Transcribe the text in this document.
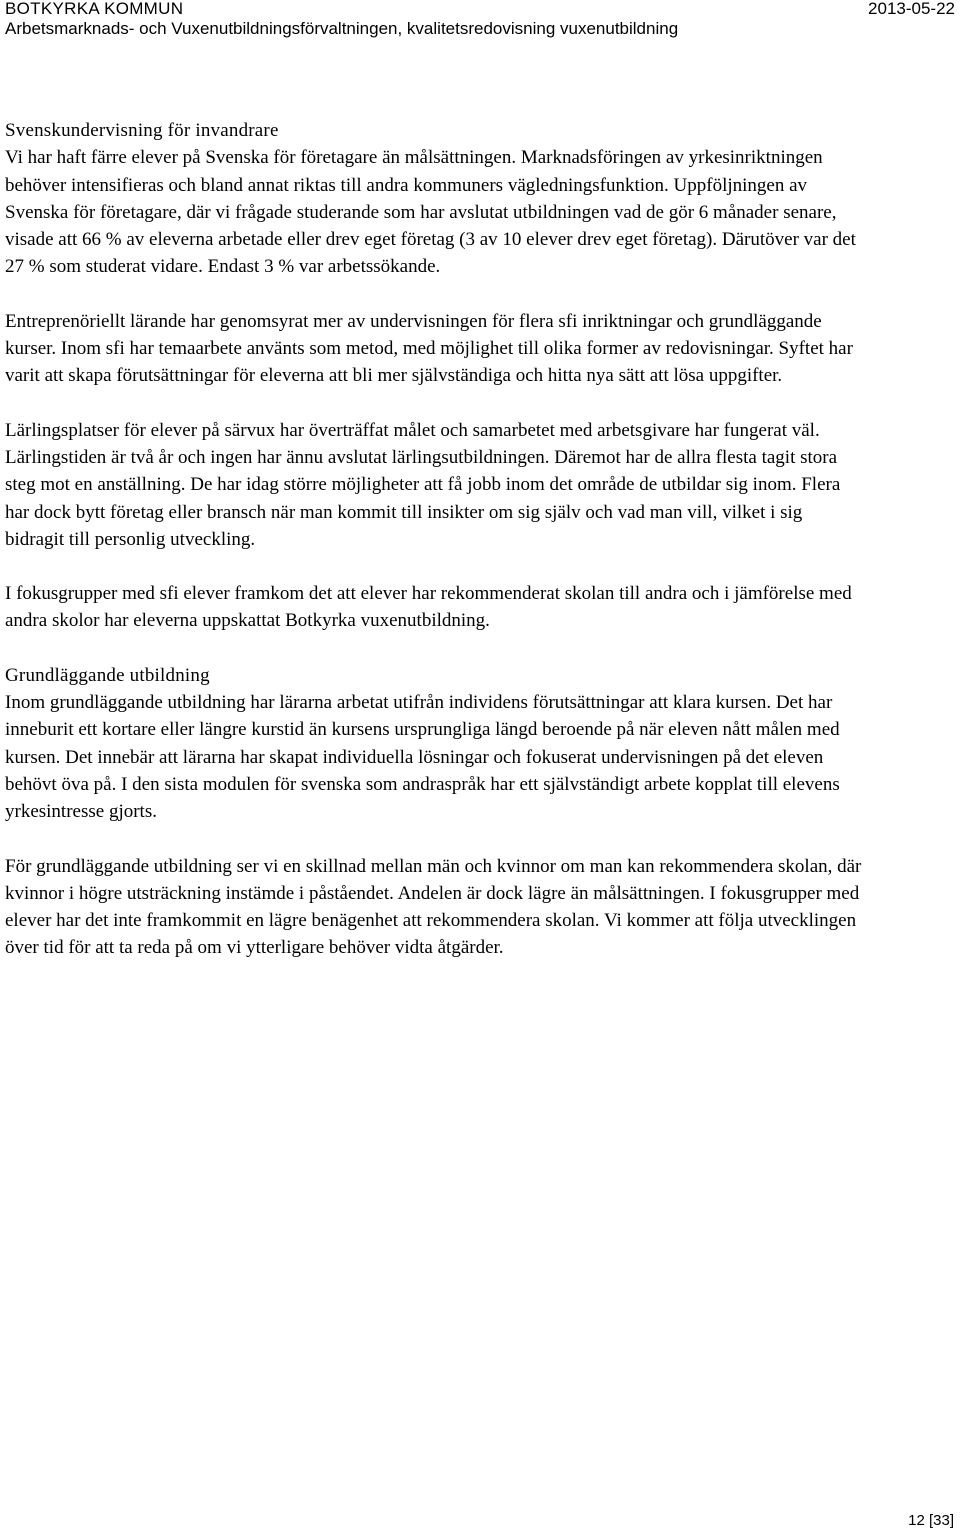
BOTKYRKA KOMMUN	2013-05-22
Arbetsmarknads- och Vuxenutbildningsförvaltningen, kvalitetsredovisning vuxenutbildning

Svenskundervisning för invandrare
Vi har haft färre elever på Svenska för företagare än målsättningen. Marknadsföringen av yrkesinriktningen behöver intensifieras och bland annat riktas till andra kommuners vägledningsfunktion. Uppföljningen av Svenska för företagare, där vi frågade studerande som har avslutat utbildningen vad de gör 6 månader senare, visade att 66 % av eleverna arbetade eller drev eget företag (3 av 10 elever drev eget företag). Därutöver var det 27 % som studerat vidare. Endast 3 % var arbetssökande.

Entreprenöriellt lärande har genomsyrat mer av undervisningen för flera sfi inriktningar och grundläggande kurser. Inom sfi har temaarbete använts som metod, med möjlighet till olika former av redovisningar. Syftet har varit att skapa förutsättningar för eleverna att bli mer självständiga och hitta nya sätt att lösa uppgifter.

Lärlingsplatser för elever på särvux har överträffat målet och samarbetet med arbetsgivare har fungerat väl. Lärlingstiden är två år och ingen har ännu avslutat lärlingsutbildningen. Däremot har de allra flesta tagit stora steg mot en anställning. De har idag större möjligheter att få jobb inom det område de utbildar sig inom. Flera har dock bytt företag eller bransch när man kommit till insikter om sig själv och vad man vill, vilket i sig bidragit till personlig utveckling.

I fokusgrupper med sfi elever framkom det att elever har rekommenderat skolan till andra och i jämförelse med andra skolor har eleverna uppskattat Botkyrka vuxenutbildning.

Grundläggande utbildning
Inom grundläggande utbildning har lärarna arbetat utifrån individens förutsättningar att klara kursen. Det har inneburit ett kortare eller längre kurstid än kursens ursprungliga längd beroende på när eleven nått målen med kursen. Det innebär att lärarna har skapat individuella lösningar och fokuserat undervisningen på det eleven behövt öva på. I den sista modulen för svenska som andraspråk har ett självständigt arbete kopplat till elevens yrkesintresse gjorts.

För grundläggande utbildning ser vi en skillnad mellan män och kvinnor om man kan rekommendera skolan, där kvinnor i högre utsträckning instämde i påståendet. Andelen är dock lägre än målsättningen. I fokusgrupper med elever har det inte framkommit en lägre benägenhet att rekommendera skolan. Vi kommer att följa utvecklingen över tid för att ta reda på om vi ytterligare behöver vidta åtgärder.

12 [33]
